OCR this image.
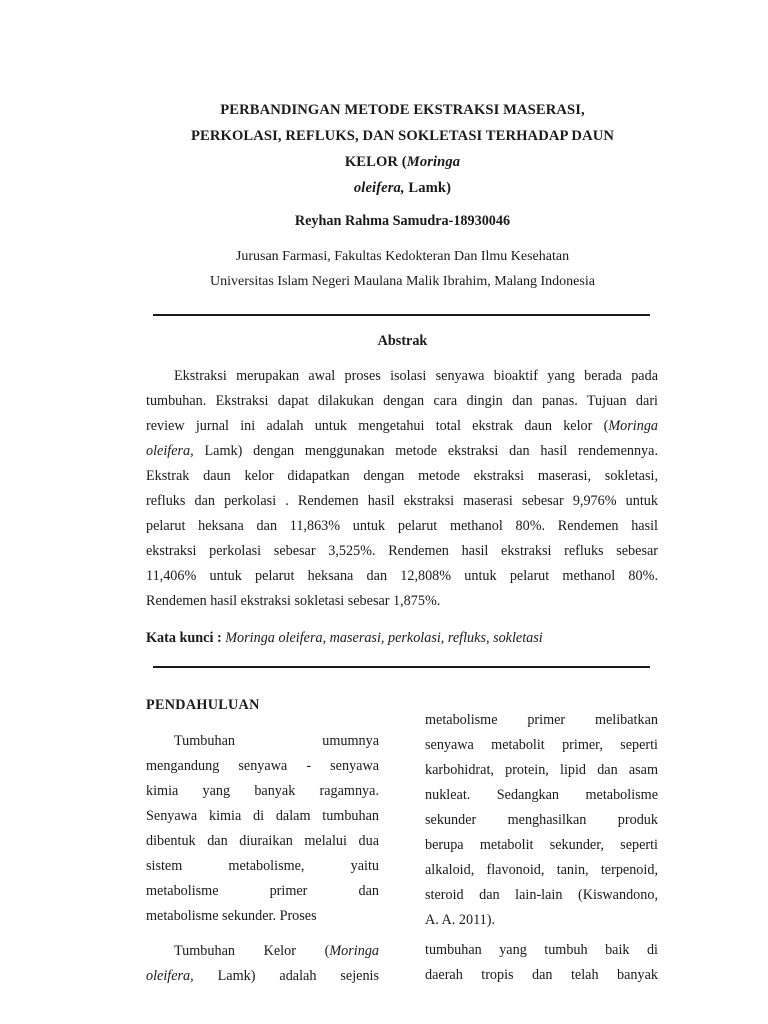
PERBANDINGAN METODE EKSTRAKSI MASERASI,
PERKOLASI, REFLUKS, DAN SOKLETASI TERHADAP DAUN
KELOR (Moringa
oleifera, Lamk)
Reyhan Rahma Samudra-18930046
Jurusan Farmasi, Fakultas Kedokteran Dan Ilmu Kesehatan
Universitas Islam Negeri Maulana Malik Ibrahim, Malang Indonesia
Abstrak
Ekstraksi merupakan awal proses isolasi senyawa bioaktif yang berada pada
tumbuhan. Ekstraksi dapat dilakukan dengan cara dingin dan panas. Tujuan dari
review jurnal ini adalah untuk mengetahui total ekstrak daun kelor (Moringa
oleifera, Lamk) dengan menggunakan metode ekstraksi dan hasil rendemennya.
Ekstrak daun kelor didapatkan dengan metode ekstraksi maserasi, sokletasi,
refluks dan perkolasi . Rendemen hasil ekstraksi maserasi sebesar 9,976% untuk
pelarut heksana dan 11,863% untuk pelarut methanol 80%. Rendemen hasil
ekstraksi perkolasi sebesar 3,525%. Rendemen hasil ekstraksi refluks sebesar
11,406% untuk pelarut heksana dan 12,808% untuk pelarut methanol 80%.
Rendemen hasil ekstraksi sokletasi sebesar 1,875%.
Kata kunci : Moringa oleifera, maserasi, perkolasi, refluks, sokletasi
PENDAHULUAN
Tumbuhan umumnya
mengandung senyawa - senyawa
kimia yang banyak ragamnya.
Senyawa kimia di dalam tumbuhan
dibentuk dan diuraikan melalui dua
sistem metabolisme, yaitu
metabolisme primer dan
metabolisme sekunder. Proses
Tumbuhan Kelor (Moringa
oleifera, Lamk) adalah sejenis
metabolisme primer melibatkan
senyawa metabolit primer, seperti
karbohidrat, protein, lipid dan asam
nukleat. Sedangkan metabolisme
sekunder menghasilkan produk
berupa metabolit sekunder, seperti
alkaloid, flavonoid, tanin, terpenoid,
steroid dan lain-lain (Kiswandono,
A. A. 2011).
tumbuhan yang tumbuh baik di
daerah tropis dan telah banyak
